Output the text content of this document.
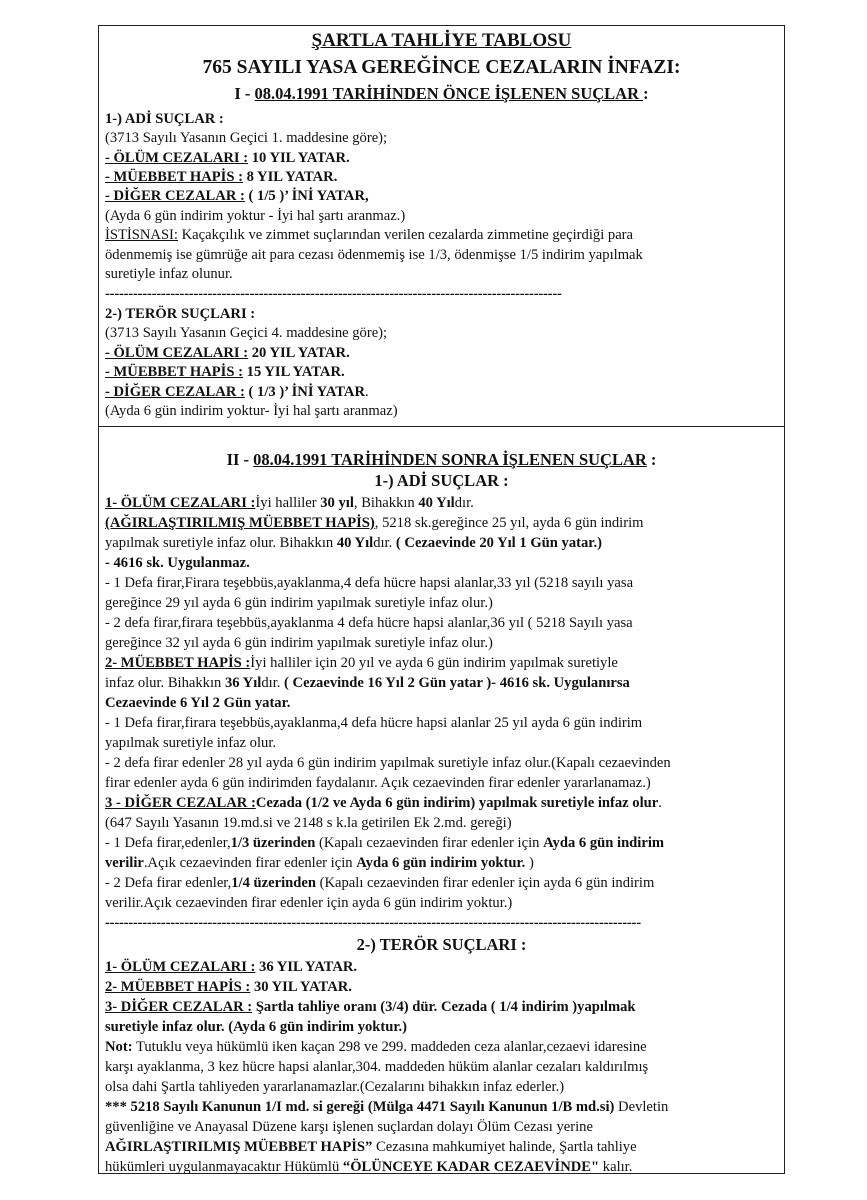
ŞARTLA TAHLİYE TABLOSU
765 SAYILI YASA GEREĞİNCE CEZALARIN İNFAZI:
I - 08.04.1991 TARİHİNDEN ÖNCE İŞLENEN SUÇLAR :
1-) ADİ SUÇLAR :
(3713 Sayılı Yasanın Geçici 1. maddesine göre);
- ÖLÜM CEZALARI : 10 YIL YATAR.
- MÜEBBET HAPİS : 8 YIL YATAR.
- DİĞER CEZALAR : ( 1/5 )’ İNİ YATAR,
(Ayda 6 gün indirim yoktur - İyi hal şartı aranmaz.)
İSTİSNASI: Kaçakçılık ve zimmet suçlarından verilen cezalarda zimmetine geçirdiği para
ödenmemiş ise gümrüğe ait para cezası ödenmemiş ise 1/3, ödenmişse 1/5 indirim yapılmak
suretiyle infaz olunur.
--------------------------------------------------------------------------------------------------
2-) TERÖR SUÇLARI :
(3713 Sayılı Yasanın Geçici 4. maddesine göre);
- ÖLÜM CEZALARI : 20 YIL YATAR.
- MÜEBBET HAPİS : 15 YIL YATAR.
- DİĞER CEZALAR : ( 1/3 )’ İNİ YATAR.
(Ayda 6 gün indirim yoktur- İyi hal şartı aranmaz)
II - 08.04.1991 TARİHİNDEN SONRA İŞLENEN SUÇLAR :
1-) ADİ SUÇLAR :
1- ÖLÜM CEZALARI :İyi halliler 30 yıl, Bihakkın 40 Yıldır.
(AĞIRLAŞTIRILMIŞ MÜEBBET HAPİS), 5218 sk.gereğince 25 yıl, ayda 6 gün indirim
yapılmak suretiyle infaz olur. Bihakkın 40 Yıldır. ( Cezaevinde 20 Yıl 1 Gün yatar.)
- 4616 sk. Uygulanmaz.
- 1 Defa firar,Firara teşebbüs,ayaklanma,4 defa hücre hapsi alanlar,33 yıl (5218 sayılı yasa
gereğince 29 yıl ayda 6 gün indirim yapılmak suretiyle infaz olur.)
- 2 defa firar,firara teşebbüs,ayaklanma 4 defa hücre hapsi alanlar,36 yıl ( 5218 Sayılı yasa
gereğince 32 yıl ayda 6 gün indirim yapılmak suretiyle infaz olur.)
2- MÜEBBET HAPİS :İyi halliler için 20 yıl ve ayda 6 gün indirim yapılmak suretiyle
infaz olur. Bihakkın 36 Yıldır. ( Cezaevinde 16 Yıl 2 Gün yatar )- 4616 sk. Uygulanırsa
Cezaevinde 6 Yıl 2 Gün yatar.
- 1 Defa firar,firara teşebbüs,ayaklanma,4 defa hücre hapsi alanlar 25 yıl ayda 6 gün indirim
yapılmak suretiyle infaz olur.
- 2 defa firar edenler 28 yıl ayda 6 gün indirim yapılmak suretiyle infaz olur.(Kapalı cezaevinden
firar edenler ayda 6 gün indirimden faydalanır. Açık cezaevinden firar edenler yararlanamaz.)
3 - DİĞER CEZALAR :Cezada (1/2 ve Ayda 6 gün indirim) yapılmak suretiyle infaz olur.
(647 Sayılı Yasanın 19.md.si ve 2148 s k.la getirilen Ek 2.md. gereği)
- 1 Defa firar,edenler,1/3 üzerinden (Kapalı cezaevinden firar edenler için Ayda 6 gün indirim
verilir.Açık cezaevinden firar edenler için Ayda 6 gün indirim yoktur. )
- 2 Defa firar edenler,1/4 üzerinden (Kapalı cezaevinden firar edenler için ayda 6 gün indirim
verilir.Açık cezaevinden firar edenler için ayda 6 gün indirim yoktur.)
-------------------------------------------------------------------------------------------------------------------
2-) TERÖR SUÇLARI :
1- ÖLÜM CEZALARI : 36 YIL YATAR.
2- MÜEBBET HAPİS : 30 YIL YATAR.
3- DİĞER CEZALAR : Şartla tahliye oranı (3/4) dür. Cezada ( 1/4 indirim )yapılmak
suretiyle infaz olur. (Ayda 6 gün indirim yoktur.)
Not: Tutuklu veya hükümlü iken kaçan 298 ve 299. maddeden ceza alanlar,cezaevi idaresine
karşı ayaklanma, 3 kez hücre hapsi alanlar,304. maddeden hüküm alanlar cezaları kaldırılmış
olsa dahi Şartla tahliyeden yararlanamazlar.(Cezalarını bihakkın infaz ederler.)
*** 5218 Sayılı Kanunun 1/I md. si gereği (Mülga 4471 Sayılı Kanunun 1/B md.si) Devletin
güvenliğine ve Anayasal Düzene karşı işlenen suçlardan dolayı Ölüm Cezası yerine
AĞIRLAŞTIRILMIŞ MÜEBBET HAPİS” Cezasına mahkumiyet halinde, Şartla tahliye
hükümleri uygulanmayacaktır Hükümlü “ÖLÜNCEYE KADAR CEZAEVİNDE" kalır.
